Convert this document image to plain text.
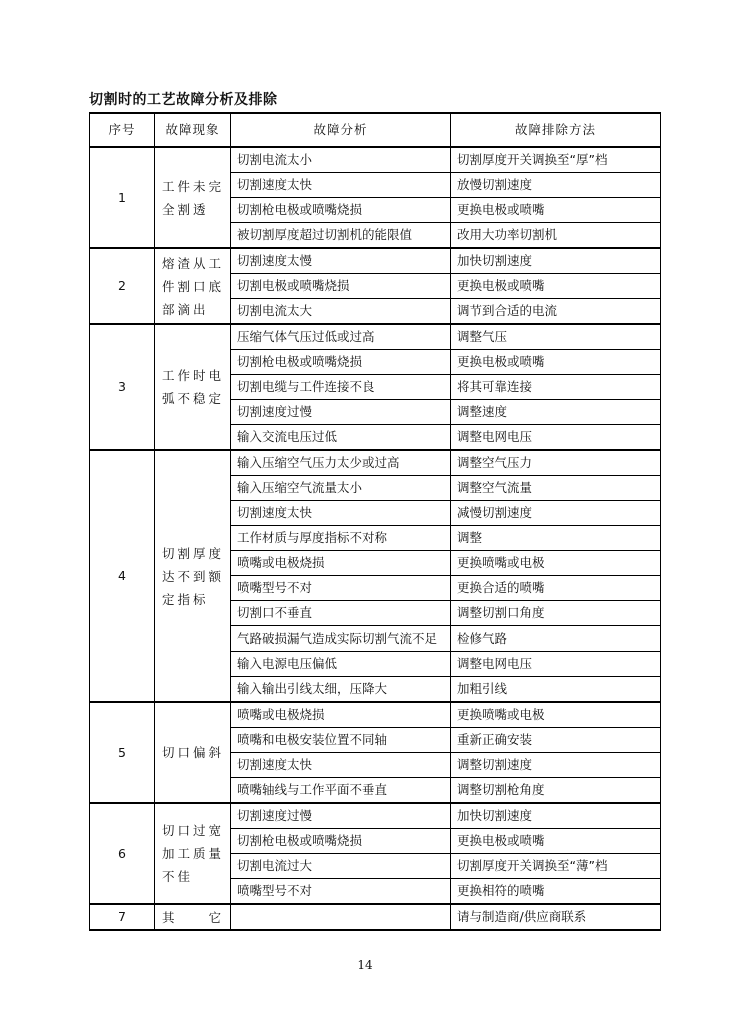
切割时的工艺故障分析及排除
序号	故障现象	故障分析	故障排除方法
1	工件未完全割透	切割电流太小	切割厚度开关调换至“厚”档
		切割速度太快	放慢切割速度
		切割枪电极或喷嘴烧损	更换电极或喷嘴
		被切割厚度超过切割机的能限值	改用大功率切割机
2	熔渣从工件割口底部滴出	切割速度太慢	加快切割速度
		切割电极或喷嘴烧损	更换电极或喷嘴
		切割电流太大	调节到合适的电流
3	工作时电弧不稳定	压缩气体气压过低或过高	调整气压
		切割枪电极或喷嘴烧损	更换电极或喷嘴
		切割电缆与工件连接不良	将其可靠连接
		切割速度过慢	调整速度
		输入交流电压过低	调整电网电压
4	切割厚度达不到额定指标	输入压缩空气压力太少或过高	调整空气压力
		输入压缩空气流量太小	调整空气流量
		切割速度太快	减慢切割速度
		工作材质与厚度指标不对称	调整
		喷嘴或电极烧损	更换喷嘴或电极
		喷嘴型号不对	更换合适的喷嘴
		切割口不垂直	调整切割口角度
		气路破损漏气造成实际切割气流不足	检修气路
		输入电源电压偏低	调整电网电压
		输入输出引线太细，压降大	加粗引线
5	切口偏斜	喷嘴或电极烧损	更换喷嘴或电极
		喷嘴和电极安装位置不同轴	重新正确安装
		切割速度太快	调整切割速度
		喷嘴轴线与工作平面不垂直	调整切割枪角度
6	切口过宽加工质量不佳	切割速度过慢	加快切割速度
		切割枪电极或喷嘴烧损	更换电极或喷嘴
		切割电流过大	切割厚度开关调换至“薄”档
		喷嘴型号不对	更换相符的喷嘴
7	其　　它		请与制造商/供应商联系
14
